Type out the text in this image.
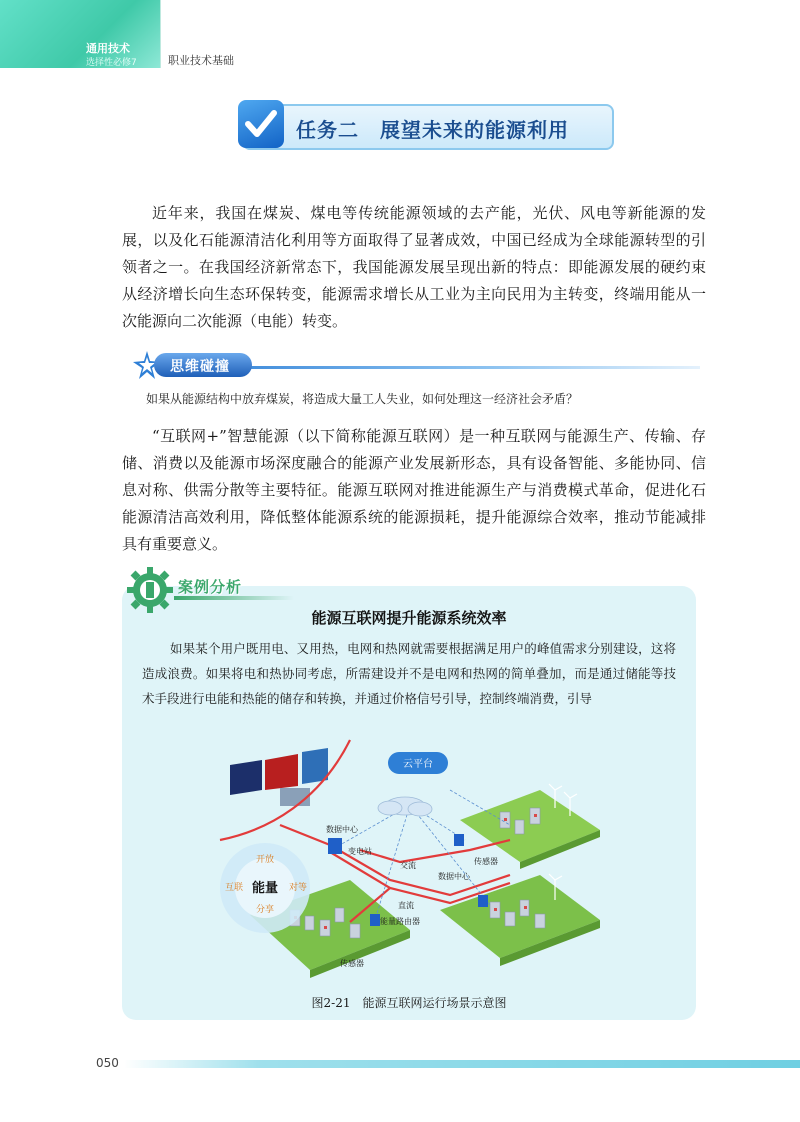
通用技术
选择性必修7	职业技术基础
任务二　展望未来的能源利用

近年来，我国在煤炭、煤电等传统能源领域的去产能，光伏、风电等新能源的发展，以及化石能源清洁化利用等方面取得了显著成效，中国已经成为全球能源转型的引领者之一。在我国经济新常态下，我国能源发展呈现出新的特点：即能源发展的硬约束从经济增长向生态环保转变，能源需求增长从工业为主向民用为主转变，终端用能从一次能源向二次能源（电能）转变。

思维碰撞
如果从能源结构中放弃煤炭，将造成大量工人失业，如何处理这一经济社会矛盾？

“互联网+”智慧能源（以下简称能源互联网）是一种互联网与能源生产、传输、存储、消费以及能源市场深度融合的能源产业发展新形态，具有设备智能、多能协同、信息对称、供需分散等主要特征。能源互联网对推进能源生产与消费模式革命，促进化石能源清洁高效利用，降低整体能源系统的能源损耗，提升能源综合效率，推动节能减排具有重要意义。

案例分析
能源互联网提升能源系统效率

如果某个用户既用电、又用热，电网和热网就需要根据满足用户的峰值需求分别建设，这将造成浪费。如果将电和热协同考虑，所需建设并不是电网和热网的简单叠加，而是通过储能等技术手段进行电能和热能的储存和转换，并通过价格信号引导，控制终端消费，引导

云平台
能量
开放
互联	对等
分享
数据中心
变电站
交流	传感器
数据中心
直流
能量路由器
传感器
图2-21　能源互联网运行场景示意图
050
